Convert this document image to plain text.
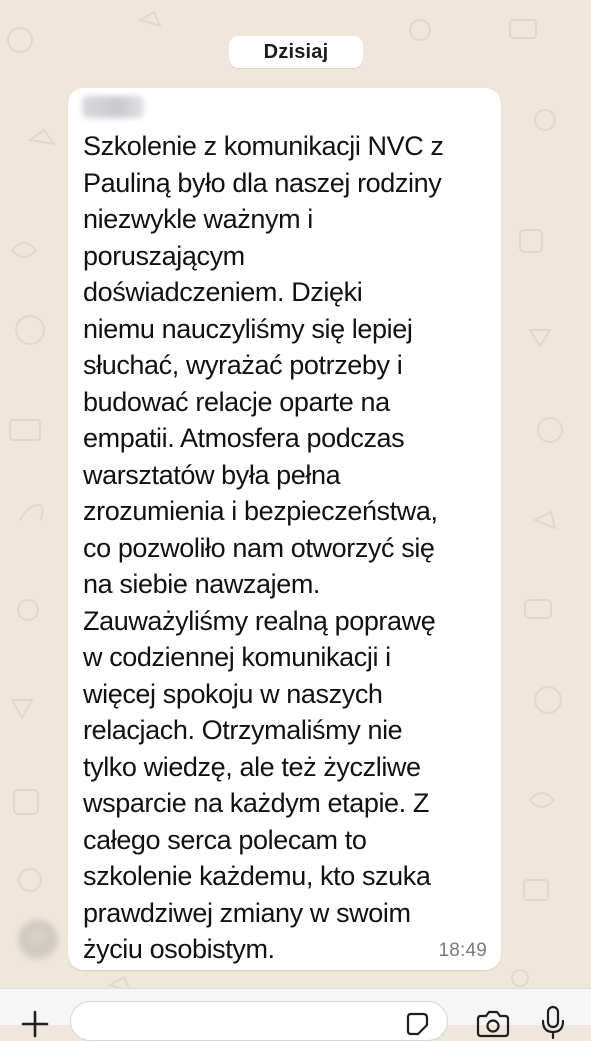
Dzisiaj

Szkolenie z komunikacji NVC z
Pauliną było dla naszej rodziny
niezwykle ważnym i
poruszającym
doświadczeniem. Dzięki
niemu nauczyliśmy się lepiej
słuchać, wyrażać potrzeby i
budować relacje oparte na
empatii. Atmosfera podczas
warsztatów była pełna
zrozumienia i bezpieczeństwa,
co pozwoliło nam otworzyć się
na siebie nawzajem.
Zauważyliśmy realną poprawę
w codziennej komunikacji i
więcej spokoju w naszych
relacjach. Otrzymaliśmy nie
tylko wiedzę, ale też życzliwe
wsparcie na każdym etapie. Z
całego serca polecam to
szkolenie każdemu, kto szuka
prawdziwej zmiany w swoim
życiu osobistym.	18:49
